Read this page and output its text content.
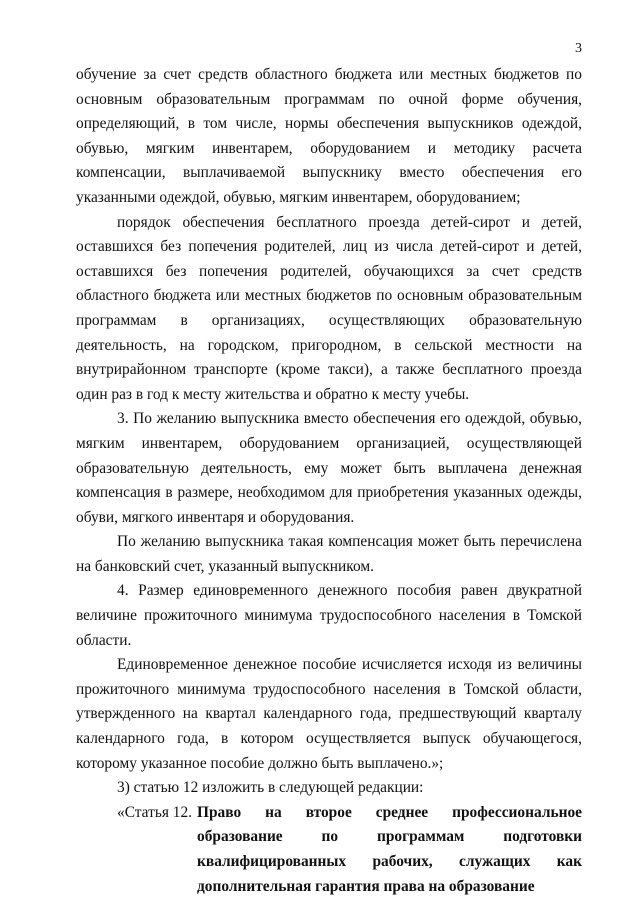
3

обучение за счет средств областного бюджета или местных бюджетов по основным образовательным программам по очной форме обучения, определяющий, в том числе, нормы обеспечения выпускников одеждой, обувью, мягким инвентарем, оборудованием и методику расчета компенсации, выплачиваемой выпускнику вместо обеспечения его указанными одеждой, обувью, мягким инвентарем, оборудованием;

порядок обеспечения бесплатного проезда детей-сирот и детей, оставшихся без попечения родителей, лиц из числа детей-сирот и детей, оставшихся без попечения родителей, обучающихся за счет средств областного бюджета или местных бюджетов по основным образовательным программам в организациях, осуществляющих образовательную деятельность, на городском, пригородном, в сельской местности на внутрирайонном транспорте (кроме такси), а также бесплатного проезда один раз в год к месту жительства и обратно к месту учебы.

3. По желанию выпускника вместо обеспечения его одеждой, обувью, мягким инвентарем, оборудованием организацией, осуществляющей образовательную деятельность, ему может быть выплачена денежная компенсация в размере, необходимом для приобретения указанных одежды, обуви, мягкого инвентаря и оборудования.

По желанию выпускника такая компенсация может быть перечислена на банковский счет, указанный выпускником.

4. Размер единовременного денежного пособия равен двукратной величине прожиточного минимума трудоспособного населения в Томской области.

Единовременное денежное пособие исчисляется исходя из величины прожиточного минимума трудоспособного населения в Томской области, утвержденного на квартал календарного года, предшествующий кварталу календарного года, в котором осуществляется выпуск обучающегося, которому указанное пособие должно быть выплачено.»;

3) статью 12 изложить в следующей редакции:

«Статья 12. Право на второе среднее профессиональное образование по программам подготовки квалифицированных рабочих, служащих как дополнительная гарантия права на образование
